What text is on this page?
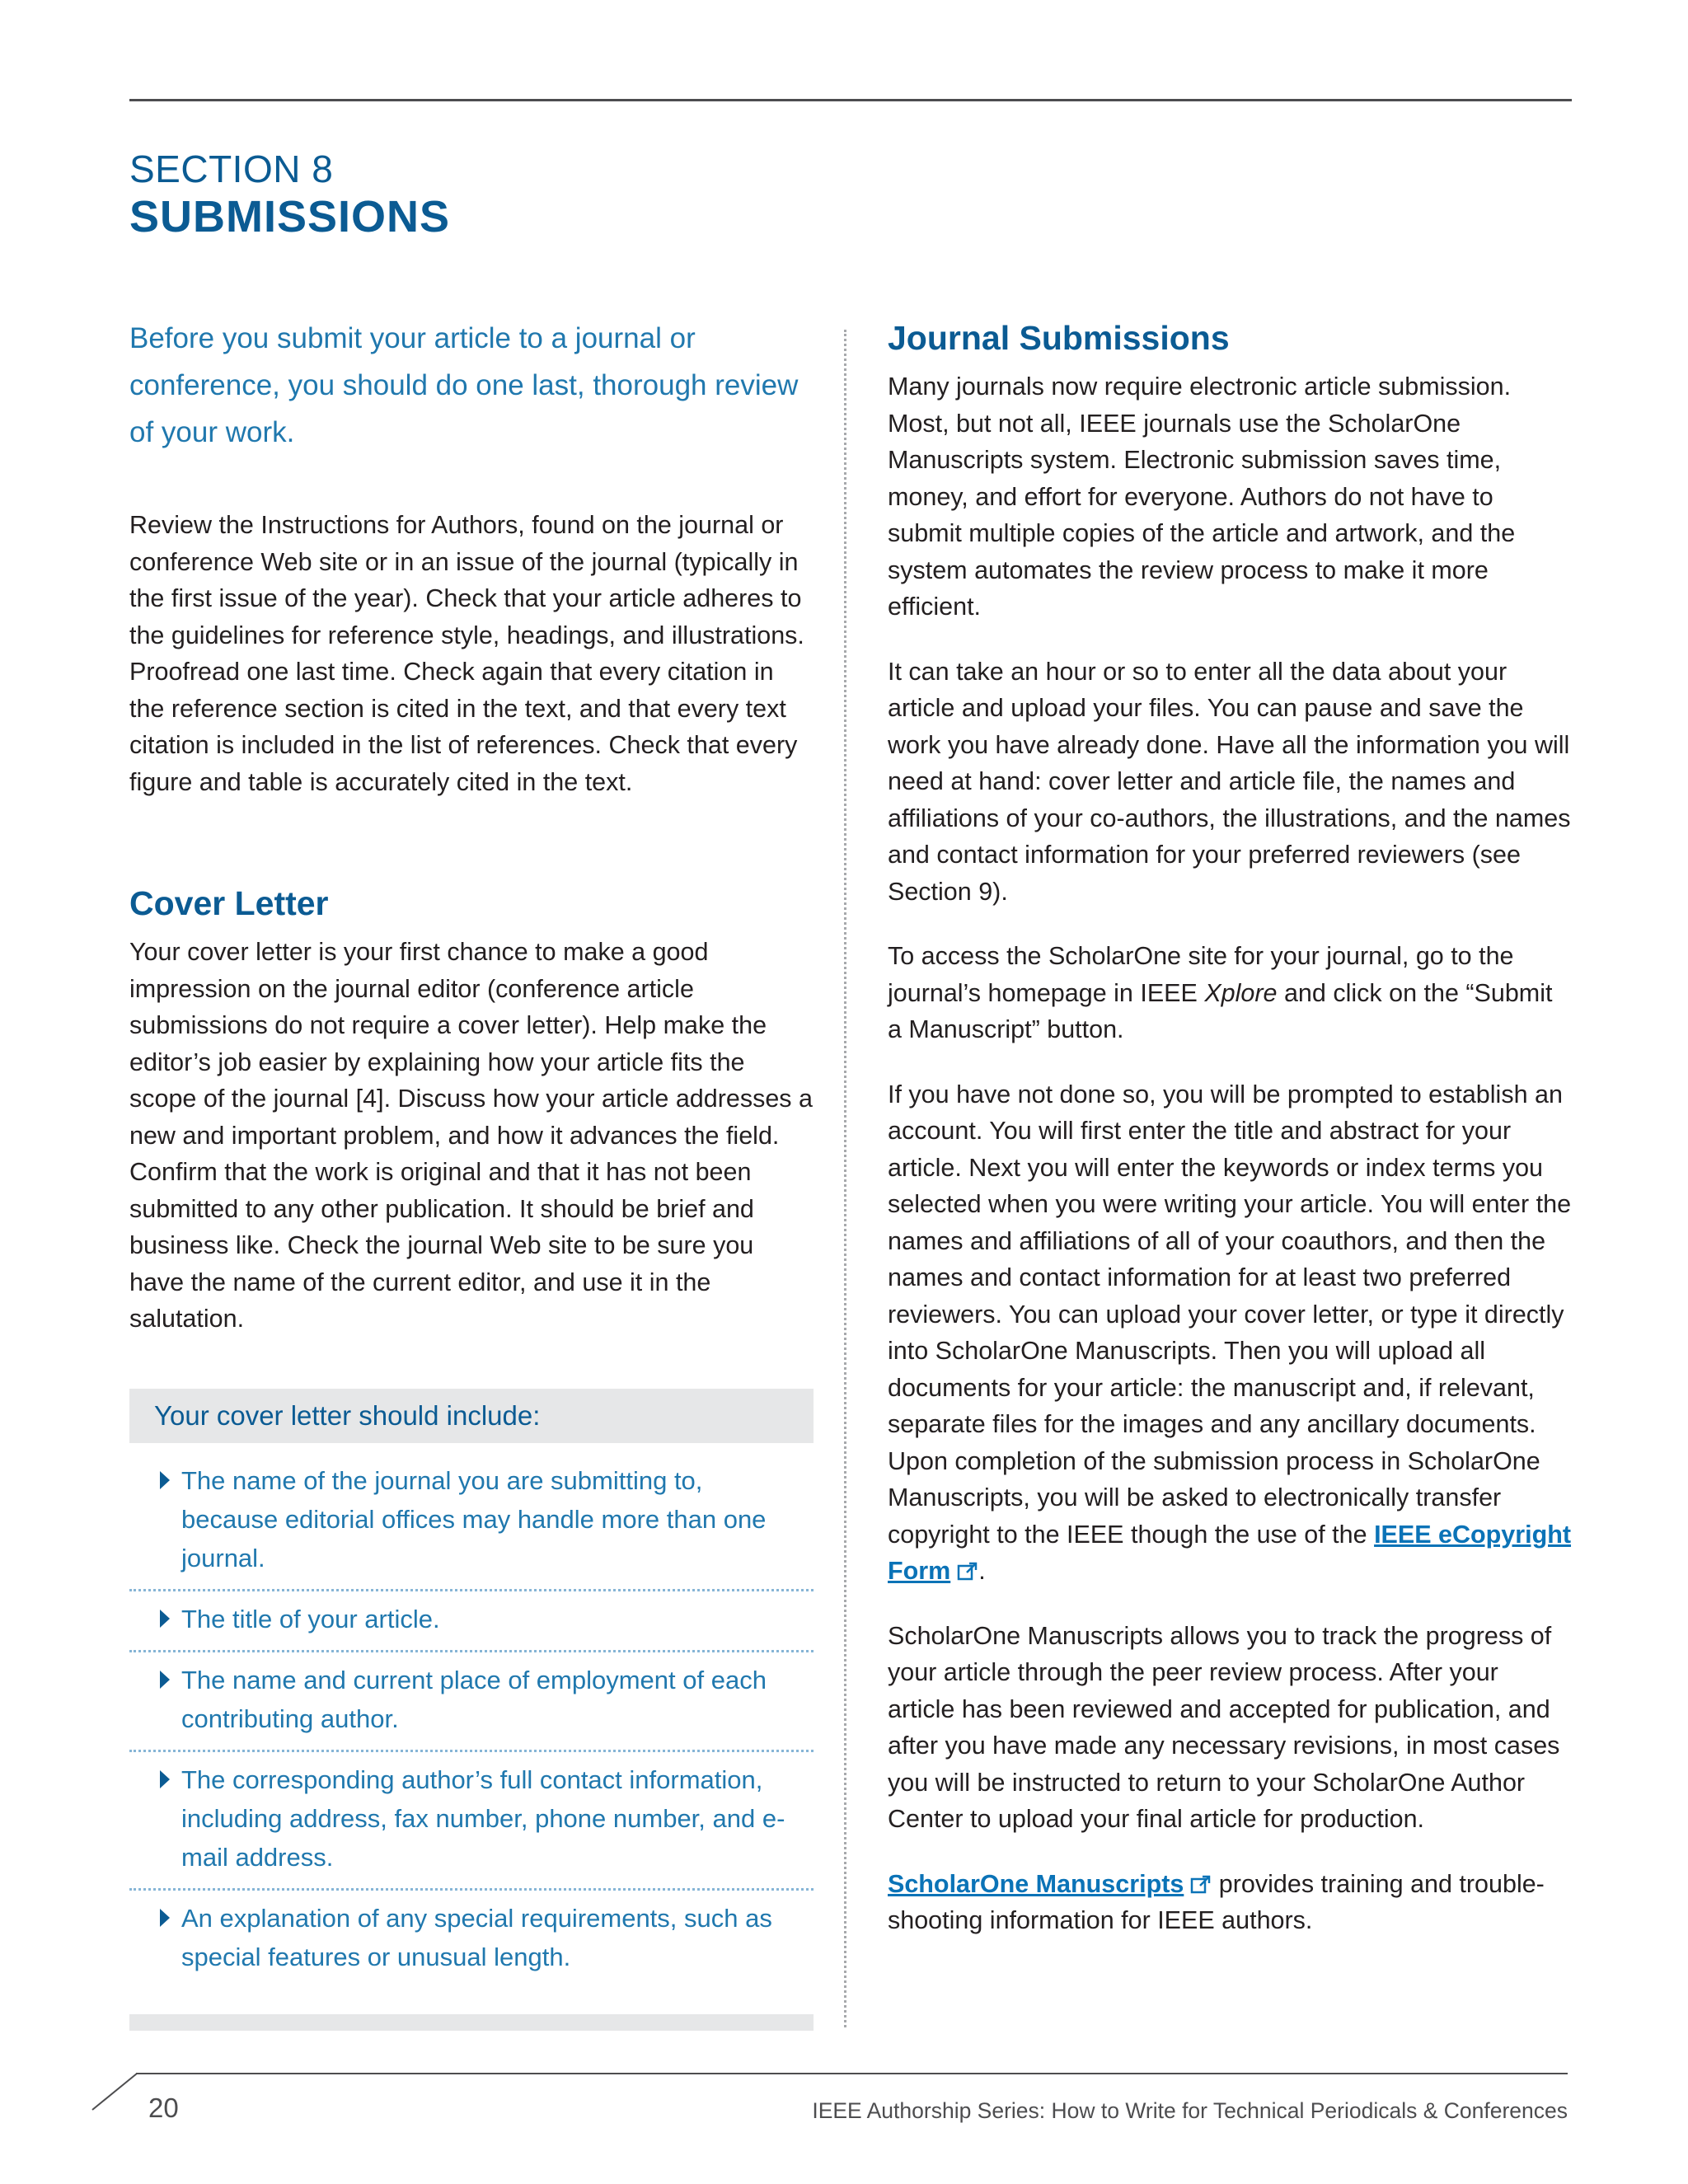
SECTION 8
SUBMISSIONS

Before you submit your article to a journal or conference, you should do one last, thorough review of your work.

Review the Instructions for Authors, found on the journal or conference Web site or in an issue of the journal (typically in the first issue of the year). Check that your article adheres to the guidelines for reference style, headings, and illustrations. Proofread one last time. Check again that every citation in the reference section is cited in the text, and that every text citation is included in the list of references. Check that every figure and table is accurately cited in the text.

Cover Letter

Your cover letter is your first chance to make a good impression on the journal editor (conference article submissions do not require a cover letter). Help make the editor’s job easier by explaining how your article fits the scope of the journal [4]. Discuss how your article addresses a new and important problem, and how it advances the field. Confirm that the work is original and that it has not been submitted to any other publication. It should be brief and business like. Check the journal Web site to be sure you have the name of the current editor, and use it in the salutation.

Your cover letter should include:
The name of the journal you are submitting to, because editorial offices may handle more than one journal.
The title of your article.
The name and current place of employment of each contributing author.
The corresponding author’s full contact information, including address, fax number, phone number, and e-mail address.
An explanation of any special requirements, such as special features or unusual length.
Journal Submissions

Many journals now require electronic article submission. Most, but not all, IEEE journals use the ScholarOne Manuscripts system. Electronic submission saves time, money, and effort for everyone. Authors do not have to submit multiple copies of the article and artwork, and the system automates the review process to make it more efficient.

It can take an hour or so to enter all the data about your article and upload your files. You can pause and save the work you have already done. Have all the information you will need at hand: cover letter and article file, the names and affiliations of your co-authors, the illustrations, and the names and contact information for your preferred reviewers (see Section 9).

To access the ScholarOne site for your journal, go to the journal’s homepage in IEEE Xplore and click on the “Submit a Manuscript” button.

If you have not done so, you will be prompted to establish an account. You will first enter the title and abstract for your article. Next you will enter the keywords or index terms you selected when you were writing your article. You will enter the names and affiliations of all of your coauthors, and then the names and contact information for at least two preferred reviewers. You can upload your cover letter, or type it directly into ScholarOne Manuscripts. Then you will upload all documents for your article: the manuscript and, if relevant, separate files for the images and any ancillary documents. Upon completion of the submission process in ScholarOne Manuscripts, you will be asked to electronically transfer copyright to the IEEE though the use of the IEEE eCopyright Form .

ScholarOne Manuscripts allows you to track the progress of your article through the peer review process. After your article has been reviewed and accepted for publication, and after you have made any necessary revisions, in most cases you will be instructed to return to your ScholarOne Author Center to upload your final article for production.

ScholarOne Manuscripts provides training and trouble-shooting information for IEEE authors.

20	IEEE Authorship Series: How to Write for Technical Periodicals & Conferences
